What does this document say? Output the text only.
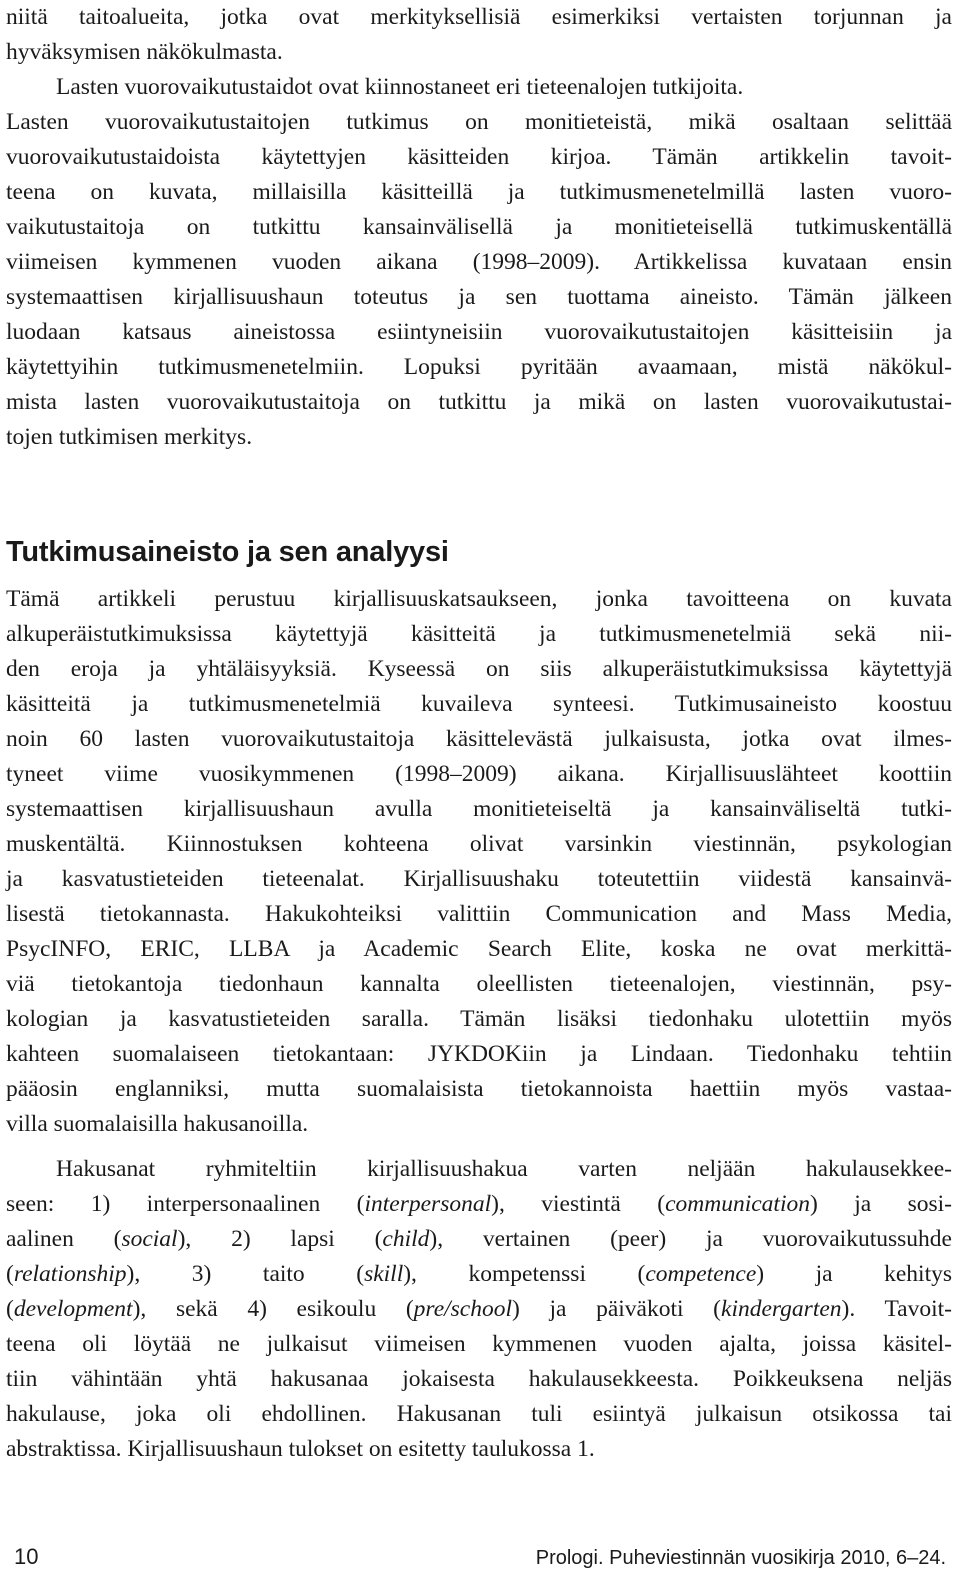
niitä taitoalueita, jotka ovat merkityksellisiä esimerkiksi vertaisten torjunnan ja
hyväksymisen näkökulmasta.
Lasten vuorovaikutustaidot ovat kiinnostaneet eri tieteenalojen tutkijoita.
Lasten vuorovaikutustaitojen tutkimus on monitieteistä, mikä osaltaan selittää
vuorovaikutustaidoista käytettyjen käsitteiden kirjoa. Tämän artikkelin tavoit-
teena on kuvata, millaisilla käsitteillä ja tutkimusmenetelmillä lasten vuoro-
vaikutustaitoja on tutkittu kansainvälisellä ja monitieteisellä tutkimuskentällä
viimeisen kymmenen vuoden aikana (1998–2009). Artikkelissa kuvataan ensin
systemaattisen kirjallisuushaun toteutus ja sen tuottama aineisto. Tämän jälkeen
luodaan katsaus aineistossa esiintyneisiin vuorovaikutustaitojen käsitteisiin ja
käytettyihin tutkimusmenetelmiin. Lopuksi pyritään avaamaan, mistä näkökul-
mista lasten vuorovaikutustaitoja on tutkittu ja mikä on lasten vuorovaikutustai-
tojen tutkimisen merkitys.
Tutkimusaineisto ja sen analyysi
Tämä artikkeli perustuu kirjallisuuskatsaukseen, jonka tavoitteena on kuvata
alkuperäistutkimuksissa käytettyjä käsitteitä ja tutkimusmenetelmiä sekä nii-
den eroja ja yhtäläisyyksiä. Kyseessä on siis alkuperäistutkimuksissa käytettyjä
käsitteitä ja tutkimusmenetelmiä kuvaileva synteesi. Tutkimusaineisto koostuu
noin 60 lasten vuorovaikutustaitoja käsittelevästä julkaisusta, jotka ovat ilmes-
tyneet viime vuosikymmenen (1998–2009) aikana. Kirjallisuuslähteet koottiin
systemaattisen kirjallisuushaun avulla monitieteiseltä ja kansainväliseltä tutki-
muskentältä. Kiinnostuksen kohteena olivat varsinkin viestinnän, psykologian
ja kasvatustieteiden tieteenalat. Kirjallisuushaku toteutettiin viidestä kansainvä-
lisestä tietokannasta. Hakukohteiksi valittiin Communication and Mass Media,
PsycINFO, ERIC, LLBA ja Academic Search Elite, koska ne ovat merkittä-
viä tietokantoja tiedonhaun kannalta oleellisten tieteenalojen, viestinnän, psy-
kologian ja kasvatustieteiden saralla. Tämän lisäksi tiedonhaku ulotettiin myös
kahteen suomalaiseen tietokantaan: JYKDOKiin ja Lindaan. Tiedonhaku tehtiin
pääosin englanniksi, mutta suomalaisista tietokannoista haettiin myös vastaa-
villa suomalaisilla hakusanoilla.
Hakusanat ryhmiteltiin kirjallisuushakua varten neljään hakulausekkee-
seen: 1) interpersonaalinen (interpersonal), viestintä (communication) ja sosi-
aalinen (social), 2) lapsi (child), vertainen (peer) ja vuorovaikutussuhde
(relationship), 3) taito (skill), kompetenssi (competence) ja kehitys
(development), sekä 4) esikoulu (pre/school) ja päiväkoti (kindergarten). Tavoit-
teena oli löytää ne julkaisut viimeisen kymmenen vuoden ajalta, joissa käsitel-
tiin vähintään yhtä hakusanaa jokaisesta hakulausekkeesta. Poikkeuksena neljäs
hakulause, joka oli ehdollinen. Hakusanan tuli esiintyä julkaisun otsikossa tai
abstraktissa. Kirjallisuushaun tulokset on esitetty taulukossa 1.
10	Prologi. Puheviestinnän vuosikirja 2010, 6–24.
